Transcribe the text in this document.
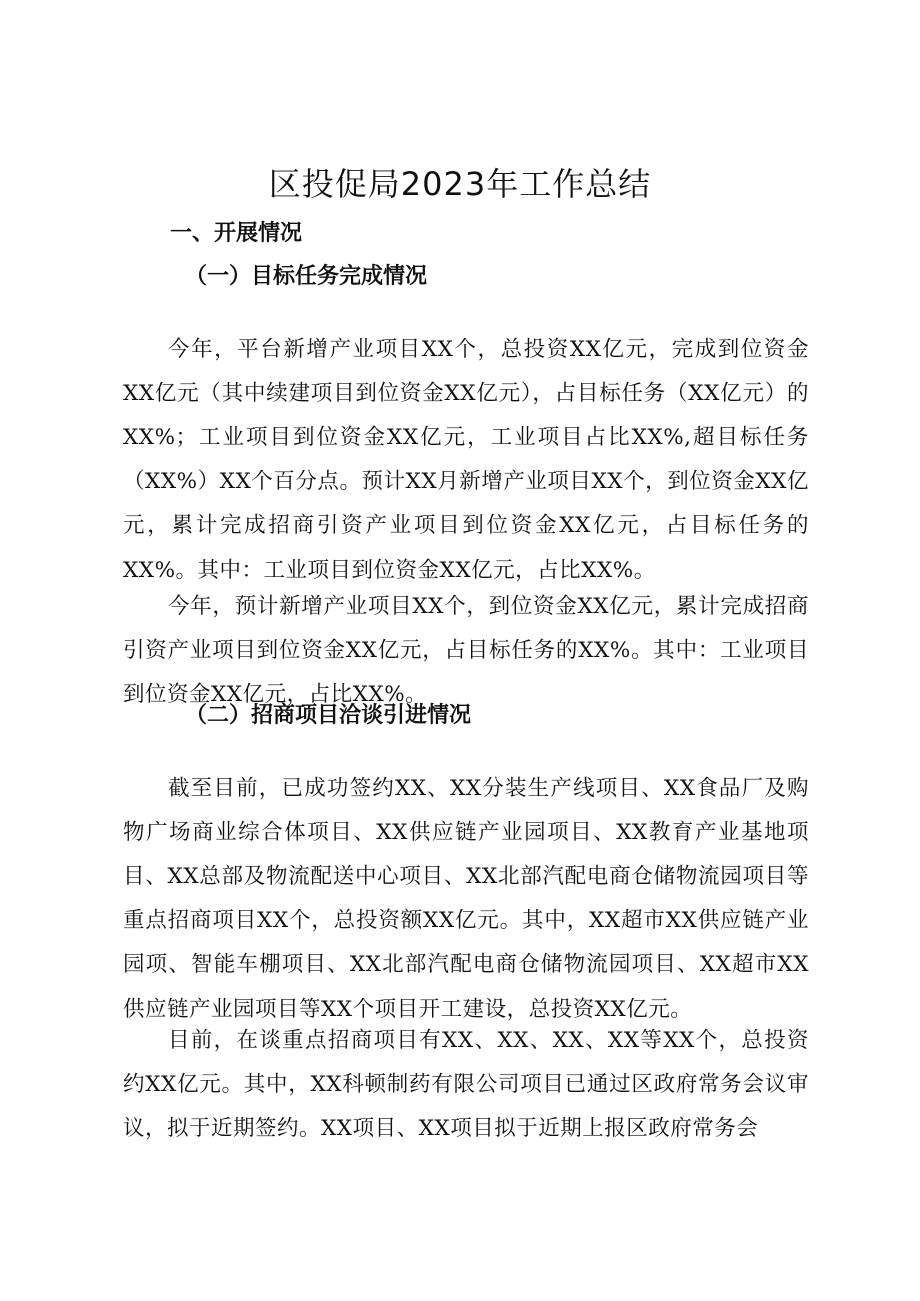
区投促局2023年工作总结
一、开展情况
（一）目标任务完成情况

今年，平台新增产业项目XX个，总投资XX亿元，完成到位资金XX亿元（其中续建项目到位资金XX亿元），占目标任务（XX亿元）的XX%；工业项目到位资金XX亿元，工业项目占比XX%,超目标任务（XX%）XX个百分点。预计XX月新增产业项目XX个，到位资金XX亿元，累计完成招商引资产业项目到位资金XX亿元，占目标任务的XX%。其中：工业项目到位资金XX亿元，占比XX%。

今年，预计新增产业项目XX个，到位资金XX亿元，累计完成招商引资产业项目到位资金XX亿元，占目标任务的XX%。其中：工业项目到位资金XX亿元，占比XX%。

（二）招商项目洽谈引进情况

截至目前，已成功签约XX、XX分装生产线项目、XX食品厂及购物广场商业综合体项目、XX供应链产业园项目、XX教育产业基地项目、XX总部及物流配送中心项目、XX北部汽配电商仓储物流园项目等重点招商项目XX个，总投资额XX亿元。其中，XX超市XX供应链产业园项、智能车棚项目、XX北部汽配电商仓储物流园项目、XX超市XX供应链产业园项目等XX个项目开工建设，总投资XX亿元。

目前，在谈重点招商项目有XX、XX、XX、XX等XX个，总投资约XX亿元。其中，XX科顿制药有限公司项目已通过区政府常务会议审议，拟于近期签约。XX项目、XX项目拟于近期上报区政府常务会
